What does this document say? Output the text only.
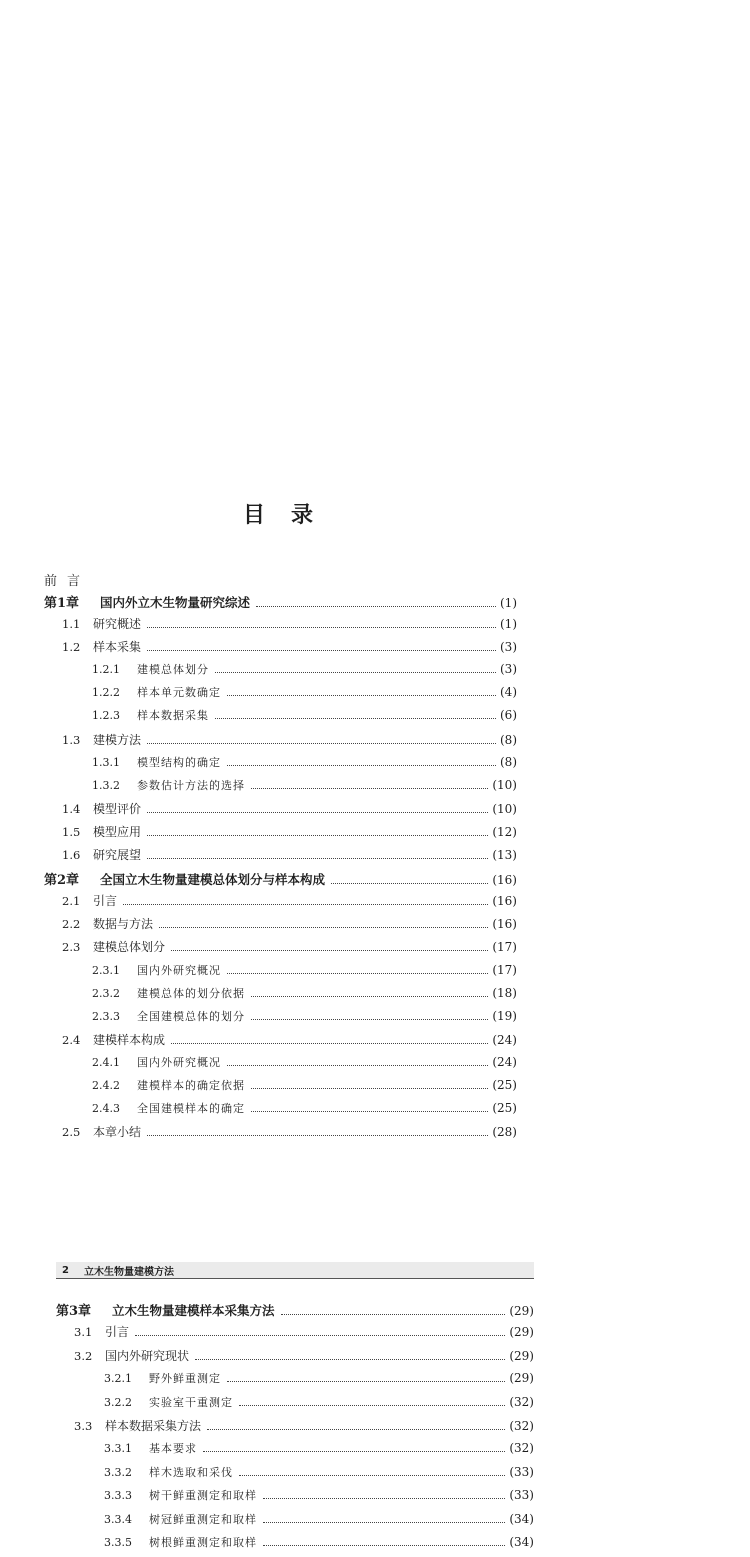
目录
前言
第1章	国内外立木生物量研究综述	(1)
1.1	研究概述	(1)
1.2	样本采集	(3)
1.2.1	建模总体划分	(3)
1.2.2	样本单元数确定	(4)
1.2.3	样本数据采集	(6)
1.3	建模方法	(8)
1.3.1	模型结构的确定	(8)
1.3.2	参数估计方法的选择	(10)
1.4	模型评价	(10)
1.5	模型应用	(12)
1.6	研究展望	(13)
第2章	全国立木生物量建模总体划分与样本构成	(16)
2.1	引言	(16)
2.2	数据与方法	(16)
2.3	建模总体划分	(17)
2.3.1	国内外研究概况	(17)
2.3.2	建模总体的划分依据	(18)
2.3.3	全国建模总体的划分	(19)
2.4	建模样本构成	(24)
2.4.1	国内外研究概况	(24)
2.4.2	建模样本的确定依据	(25)
2.4.3	全国建模样本的确定	(25)
2.5	本章小结	(28)
2	立木生物量建模方法
第3章	立木生物量建模样本采集方法	(29)
3.1	引言	(29)
3.2	国内外研究现状	(29)
3.2.1	野外鲜重测定	(29)
3.2.2	实验室干重测定	(32)
3.3	样本数据采集方法	(32)
3.3.1	基本要求	(32)
3.3.2	样木选取和采伐	(33)
3.3.3	树干鲜重测定和取样	(33)
3.3.4	树冠鲜重测定和取样	(34)
3.3.5	树根鲜重测定和取样	(34)
